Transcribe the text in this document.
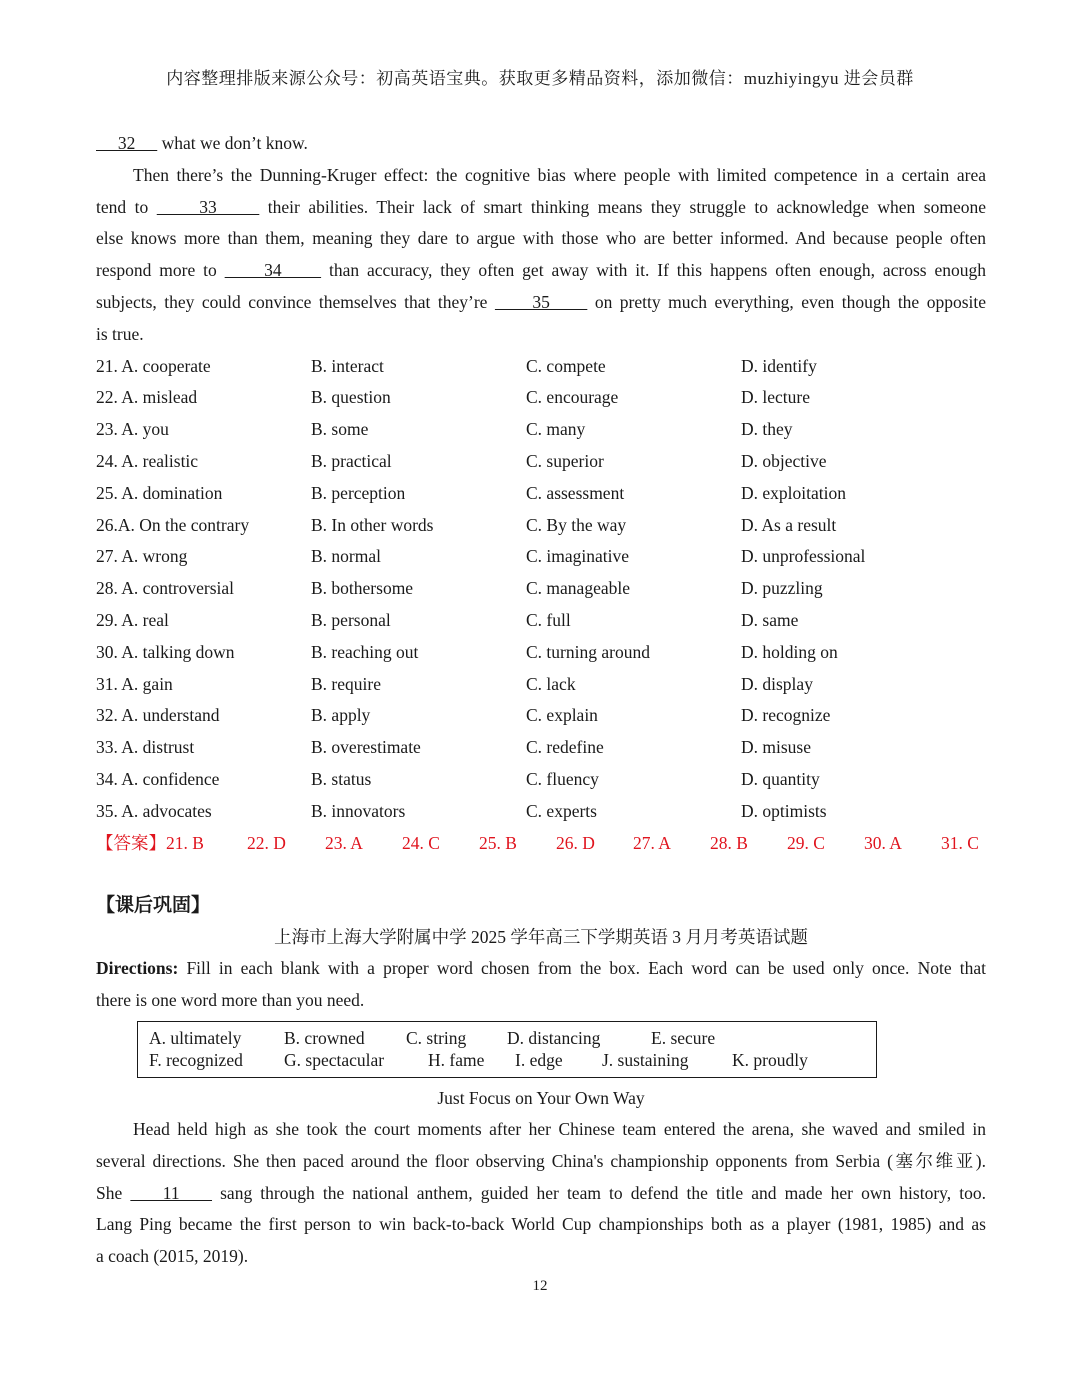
内容整理排版来源公众号：初高英语宝典。获取更多精品资料，添加微信：muzhiyingyu 进会员群
32      what we don’t know.
Then there’s the Dunning-Kruger effect: the cognitive bias where people with limited competence in a certain area
tend to      33      their abilities. Their lack of smart thinking means they struggle to acknowledge when someone
else knows more than them, meaning they dare to argue with those who are better informed. And because people often
respond more to      34      than accuracy, they often get away with it. If this happens often enough, across enough
subjects, they could convince themselves that they’re      35      on pretty much everything, even though the opposite
is true.
21. A. cooperate	B. interact	C. compete	D. identify
22. A. mislead	B. question	C. encourage	D. lecture
23. A. you	B. some	C. many	D. they
24. A. realistic	B. practical	C. superior	D. objective
25. A. domination	B. perception	C. assessment	D. exploitation
26.A. On the contrary	B. In other words	C. By the way	D. As a result
27. A. wrong	B. normal	C. imaginative	D. unprofessional
28. A. controversial	B. bothersome	C. manageable	D. puzzling
29. A. real	B. personal	C. full	D. same
30. A. talking down	B. reaching out	C. turning around	D. holding on
31. A. gain	B. require	C. lack	D. display
32. A. understand	B. apply	C. explain	D. recognize
33. A. distrust	B. overestimate	C. redefine	D. misuse
34. A. confidence	B. status	C. fluency	D. quantity
35. A. advocates	B. innovators	C. experts	D. optimists
【答案】21. B 22. D 23. A 24. C 25. B 26. D 27. A 28. B 29. C 30. A 31. C
【课后巩固】
上海市上海大学附属中学 2025 学年高三下学期英语 3 月月考英语试题
Directions: Fill in each blank with a proper word chosen from the box. Each word can be used only once. Note that
there is one word more than you need.
A. ultimately B. crowned C. string D. distancing	E. secure
F. recognized G. spectacular	H. fame I. edge J. sustaining K. proudly
Just Focus on Your Own Way
Head held high as she took the court moments after her Chinese team entered the arena, she waved and smiled in
several directions. She then paced around the floor observing China's championship opponents from Serbia (塞尔维亚).
She     11     sang through the national anthem, guided her team to defend the title and made her own history, too.
Lang Ping became the first person to win back-to-back World Cup championships both as a player (1981, 1985) and as
a coach (2015, 2019).
12
